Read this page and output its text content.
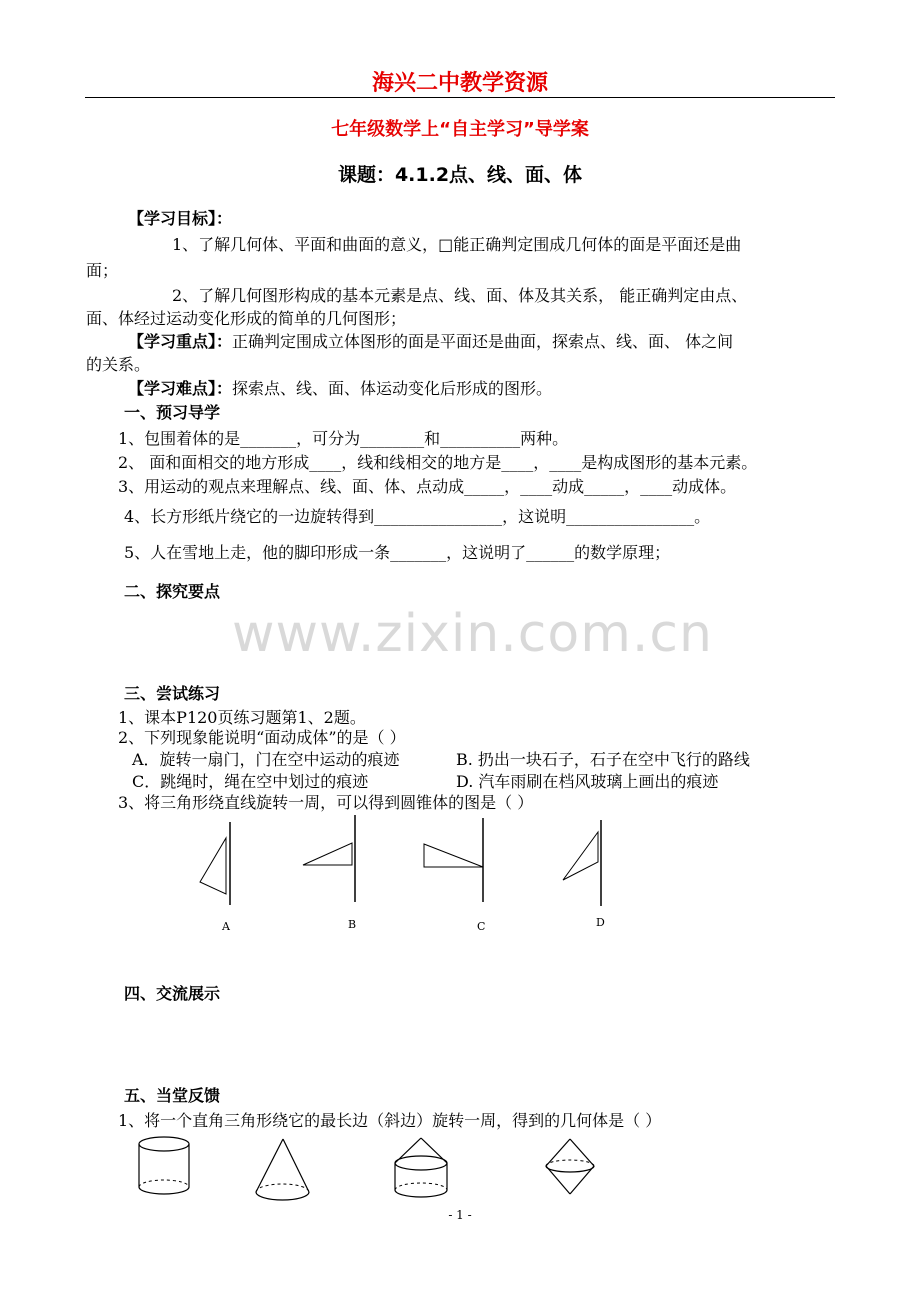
海兴二中教学资源
七年级数学上“自主学习”导学案
课题：4.1.2点、线、面、体
【学习目标】：
1、了解几何体、平面和曲面的意义，□能正确判定围成几何体的面是平面还是曲
面；
2、了解几何图形构成的基本元素是点、线、面、体及其关系， 能正确判定由点、
面、体经过运动变化形成的简单的几何图形；
【学习重点】：正确判定围成立体图形的面是平面还是曲面，探索点、线、面、 体之间
的关系。
【学习难点】：探索点、线、面、体运动变化后形成的图形。
一、预习导学
1、包围着体的是_______，可分为________和__________两种。
2、 面和面相交的地方形成____，线和线相交的地方是____，____是构成图形的基本元素。
3、用运动的观点来理解点、线、面、体、点动成_____，____动成_____，____动成体。
4、长方形纸片绕它的一边旋转得到________________，这说明________________。
5、人在雪地上走，他的脚印形成一条_______，这说明了______的数学原理；
二、探究要点
www.zixin.com.cn
三、尝试练习
1、课本P120页练习题第1、2题。
2、下列现象能说明“面动成体”的是（ ）
A．旋转一扇门，门在空中运动的痕迹	B. 扔出一块石子，石子在空中飞行的路线
C．跳绳时，绳在空中划过的痕迹	D. 汽车雨刷在档风玻璃上画出的痕迹
3、将三角形绕直线旋转一周，可以得到圆锥体的图是（ ）
A	B	C	D
四、交流展示
五、当堂反馈
1、将一个直角三角形绕它的最长边（斜边）旋转一周，得到的几何体是（ ）
- 1 -
